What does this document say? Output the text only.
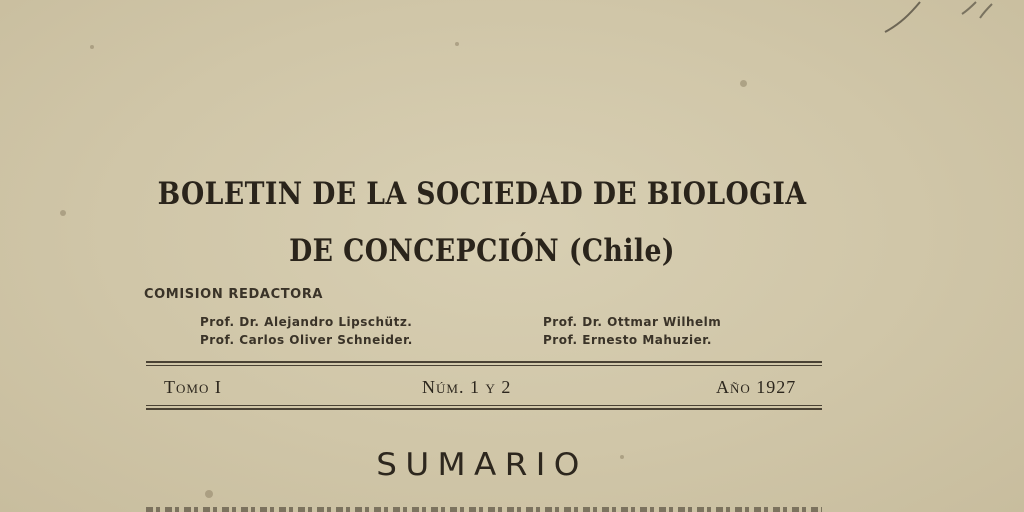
BOLETIN DE LA SOCIEDAD DE BIOLOGIA
DE CONCEPCIÓN (Chile)
COMISION REDACTORA
Prof. Dr. Alejandro Lipschütz.
Prof. Carlos Oliver Schneider.
Prof. Dr. Ottmar Wilhelm
Prof. Ernesto Mahuzier.
Tomo I	Núm. 1 y 2	Año 1927
SUMARIO
